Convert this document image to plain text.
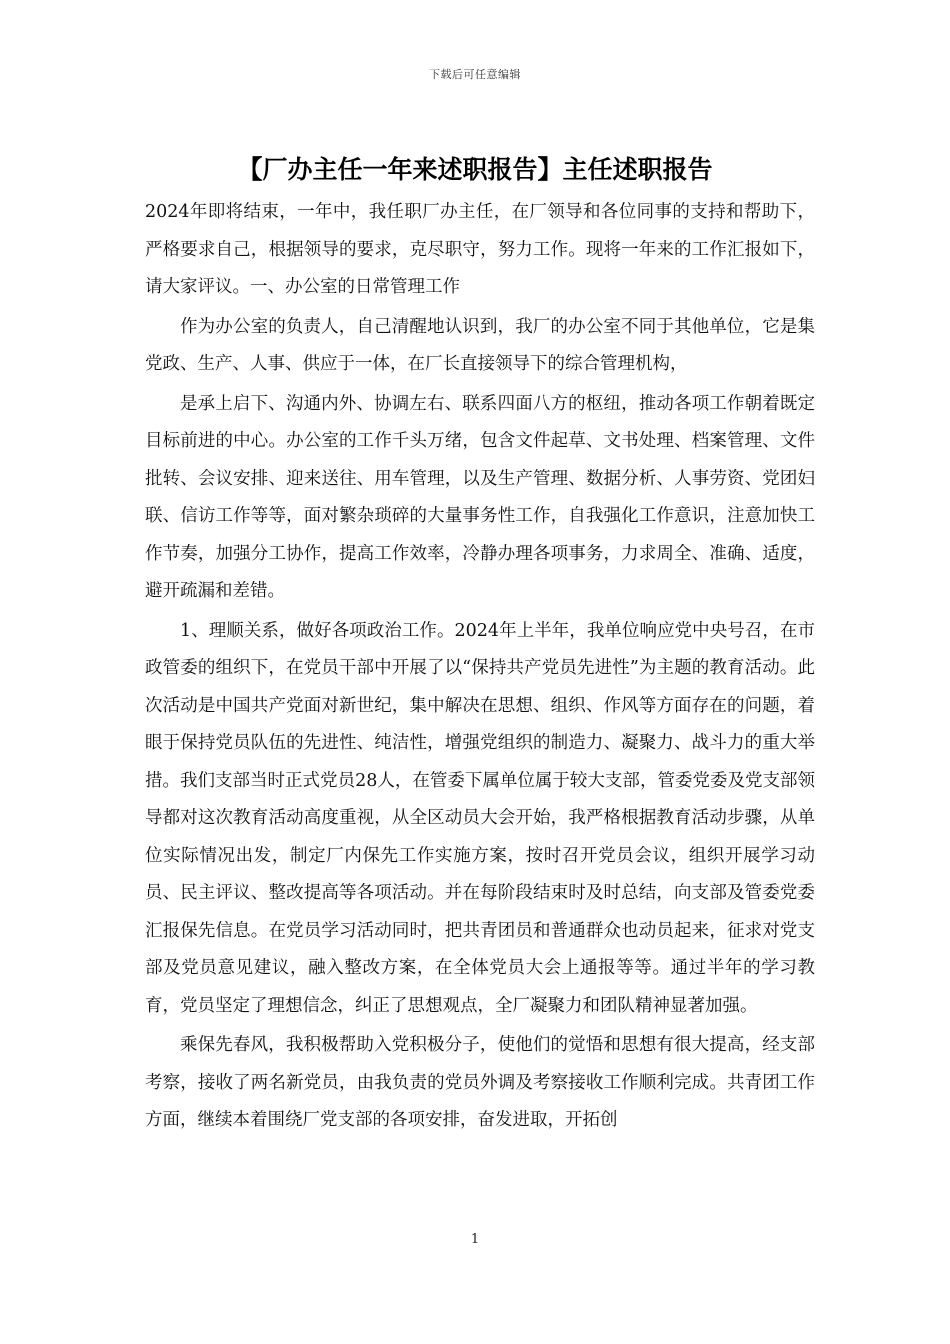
下载后可任意编辑
【厂办主任一年来述职报告】主任述职报告

2024年即将结束，一年中，我任职厂办主任，在厂领导和各位同事的支持和帮助下，严格要求自己，根据领导的要求，克尽职守，努力工作。现将一年来的工作汇报如下，请大家评议。一、办公室的日常管理工作

作为办公室的负责人，自己清醒地认识到，我厂的办公室不同于其他单位，它是集党政、生产、人事、供应于一体，在厂长直接领导下的综合管理机构，

是承上启下、沟通内外、协调左右、联系四面八方的枢纽，推动各项工作朝着既定目标前进的中心。办公室的工作千头万绪，包含文件起草、文书处理、档案管理、文件批转、会议安排、迎来送往、用车管理，以及生产管理、数据分析、人事劳资、党团妇联、信访工作等等，面对繁杂琐碎的大量事务性工作，自我强化工作意识，注意加快工作节奏，加强分工协作，提高工作效率，冷静办理各项事务，力求周全、准确、适度，避开疏漏和差错。

1、理顺关系，做好各项政治工作。2024年上半年，我单位响应党中央号召，在市政管委的组织下，在党员干部中开展了以“保持共产党员先进性”为主题的教育活动。此次活动是中国共产党面对新世纪，集中解决在思想、组织、作风等方面存在的问题，着眼于保持党员队伍的先进性、纯洁性，增强党组织的制造力、凝聚力、战斗力的重大举措。我们支部当时正式党员28人，在管委下属单位属于较大支部，管委党委及党支部领导都对这次教育活动高度重视，从全区动员大会开始，我严格根据教育活动步骤，从单位实际情况出发，制定厂内保先工作实施方案，按时召开党员会议，组织开展学习动员、民主评议、整改提高等各项活动。并在每阶段结束时及时总结，向支部及管委党委汇报保先信息。在党员学习活动同时，把共青团员和普通群众也动员起来，征求对党支部及党员意见建议，融入整改方案，在全体党员大会上通报等等。通过半年的学习教育，党员坚定了理想信念，纠正了思想观点，全厂凝聚力和团队精神显著加强。

乘保先春风，我积极帮助入党积极分子，使他们的觉悟和思想有很大提高，经支部考察，接收了两名新党员，由我负责的党员外调及考察接收工作顺利完成。共青团工作方面，继续本着围绕厂党支部的各项安排，奋发进取，开拓创

1
